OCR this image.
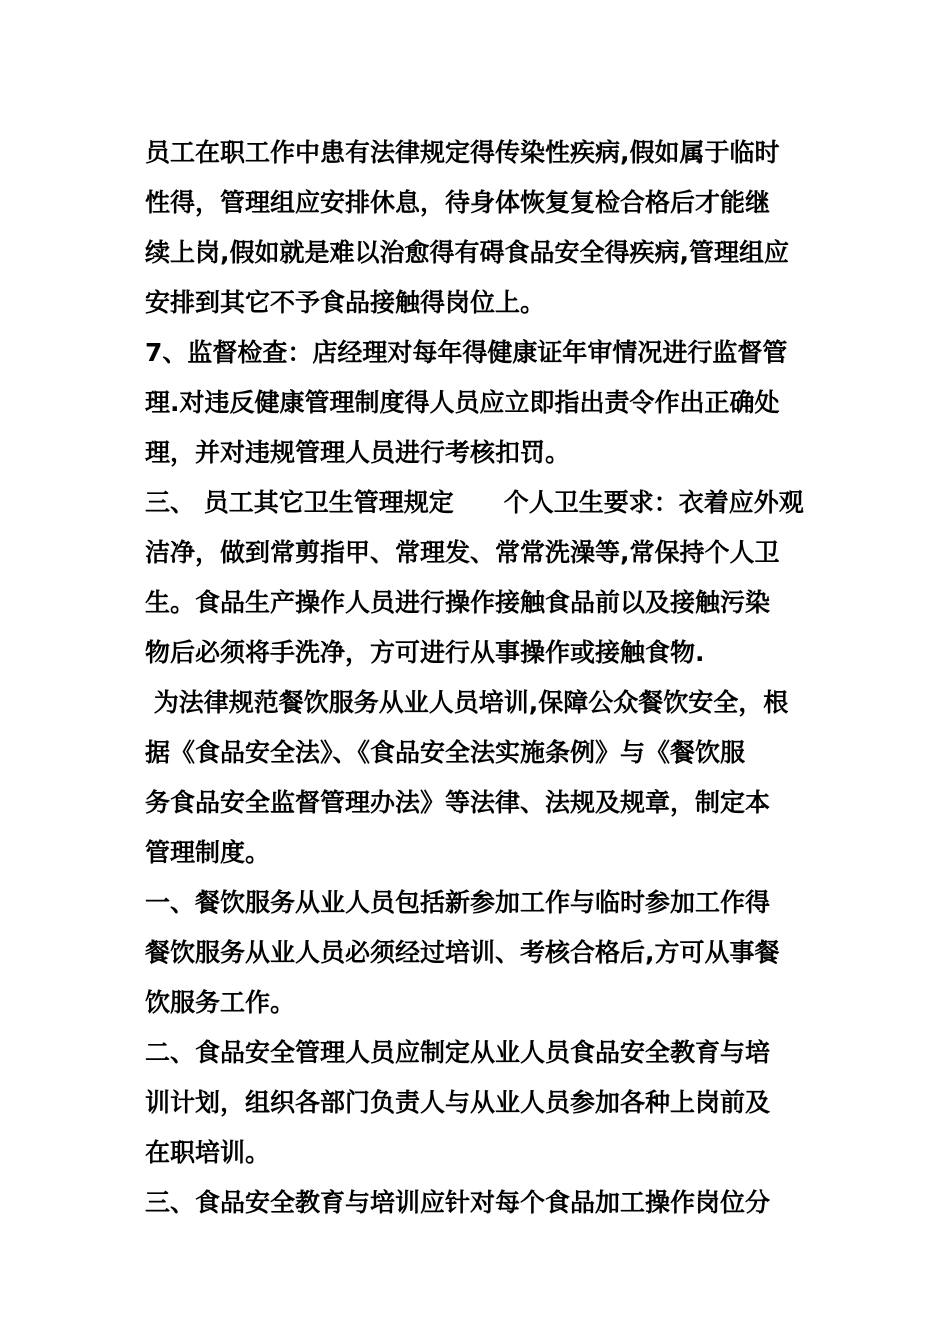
员工在职工作中患有法律规定得传染性疾病,假如属于临时
性得，管理组应安排休息，待身体恢复复检合格后才能继
续上岗,假如就是难以治愈得有碍食品安全得疾病,管理组应
安排到其它不予食品接触得岗位上。
7、监督检查：店经理对每年得健康证年审情况进行监督管
理.对违反健康管理制度得人员应立即指出责令作出正确处
理，并对违规管理人员进行考核扣罚。
三、 员工其它卫生管理规定　　个人卫生要求：衣着应外观
洁净，做到常剪指甲、常理发、常常洗澡等,常保持个人卫
生。食品生产操作人员进行操作接触食品前以及接触污染
物后必须将手洗净，方可进行从事操作或接触食物.
为法律规范餐饮服务从业人员培训,保障公众餐饮安全，根
据《食品安全法》、《食品安全法实施条例》与《餐饮服
务食品安全监督管理办法》等法律、法规及规章，制定本
管理制度。
一、餐饮服务从业人员包括新参加工作与临时参加工作得
餐饮服务从业人员必须经过培训、考核合格后,方可从事餐
饮服务工作。
二、食品安全管理人员应制定从业人员食品安全教育与培
训计划，组织各部门负责人与从业人员参加各种上岗前及
在职培训。
三、食品安全教育与培训应针对每个食品加工操作岗位分
